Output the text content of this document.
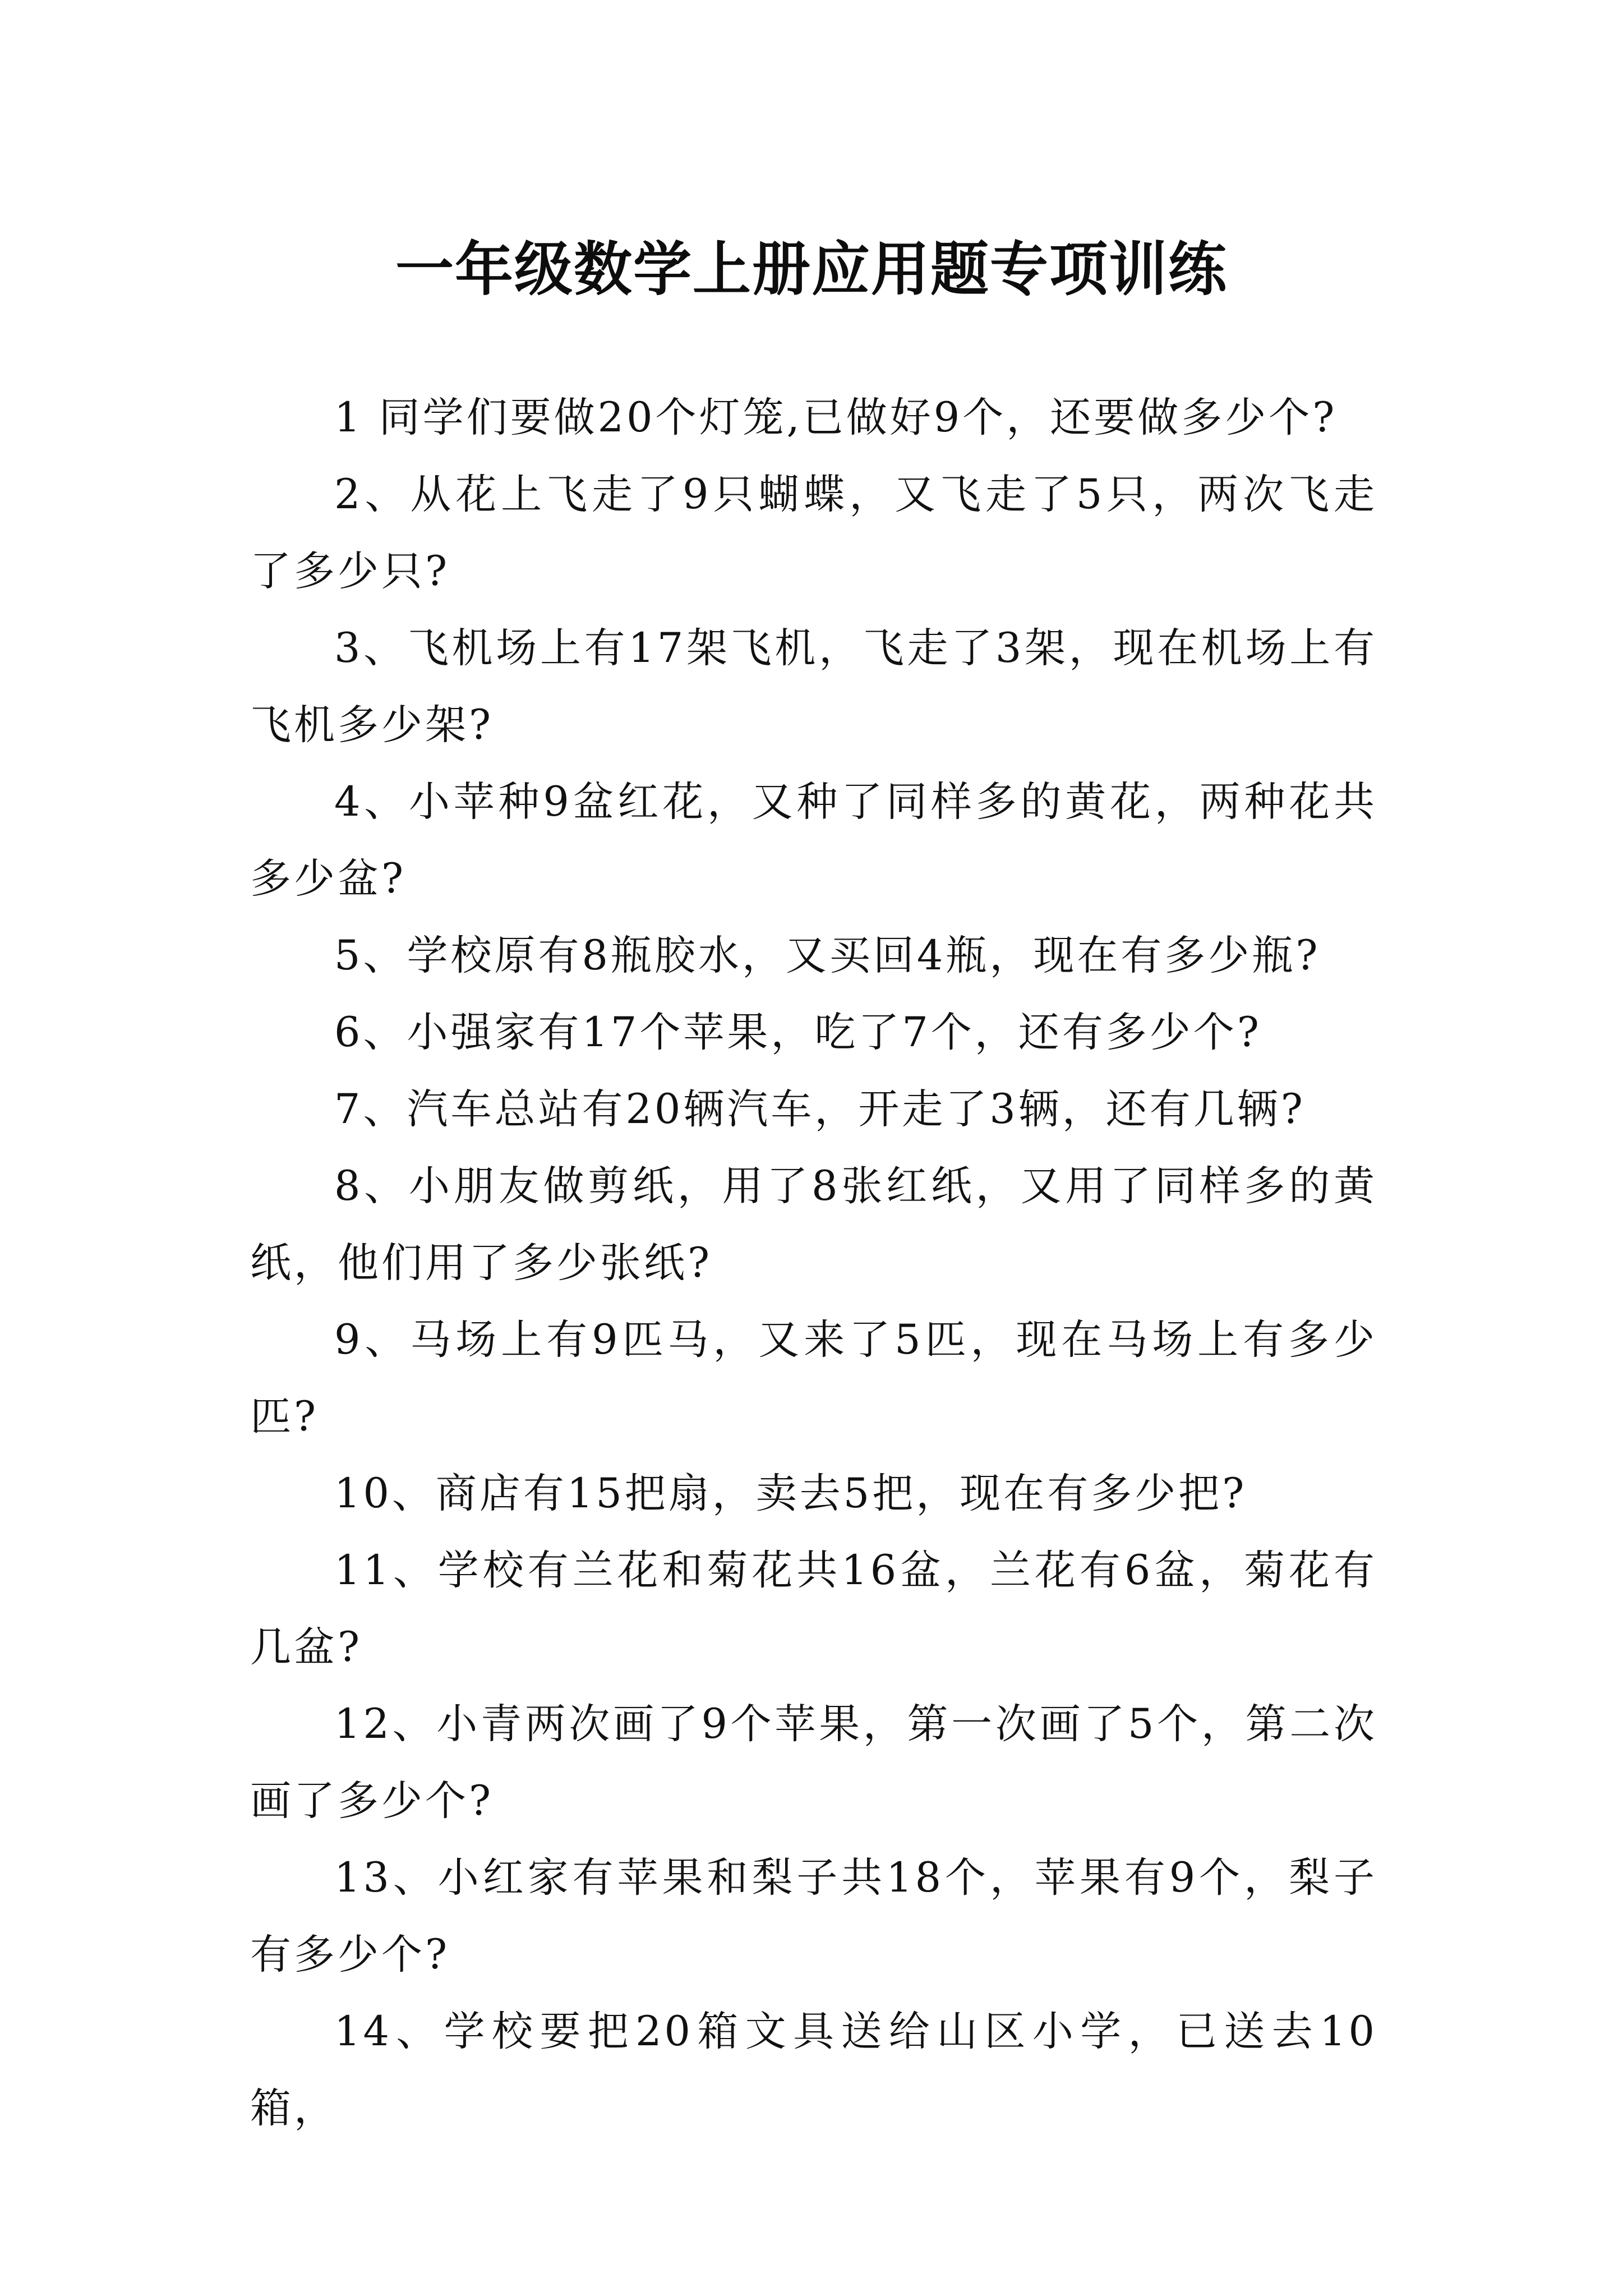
一年级数学上册应用题专项训练

1 同学们要做20个灯笼,已做好9个，还要做多少个?

2、从花上飞走了9只蝴蝶，又飞走了5只，两次飞走了多少只?

3、飞机场上有17架飞机，飞走了3架，现在机场上有飞机多少架?

4、小苹种9盆红花，又种了同样多的黄花，两种花共多少盆?

5、学校原有8瓶胶水，又买回4瓶，现在有多少瓶?

6、小强家有17个苹果，吃了7个，还有多少个?

7、汽车总站有20辆汽车，开走了3辆，还有几辆?

8、小朋友做剪纸，用了8张红纸，又用了同样多的黄纸，他们用了多少张纸?

9、马场上有9匹马，又来了5匹，现在马场上有多少匹?

10、商店有15把扇，卖去5把，现在有多少把?

11、学校有兰花和菊花共16盆，兰花有6盆，菊花有几盆?

12、小青两次画了9个苹果，第一次画了5个，第二次画了多少个?

13、小红家有苹果和梨子共18个，苹果有9个，梨子有多少个?

14、学校要把20箱文具送给山区小学，已送去10箱，
